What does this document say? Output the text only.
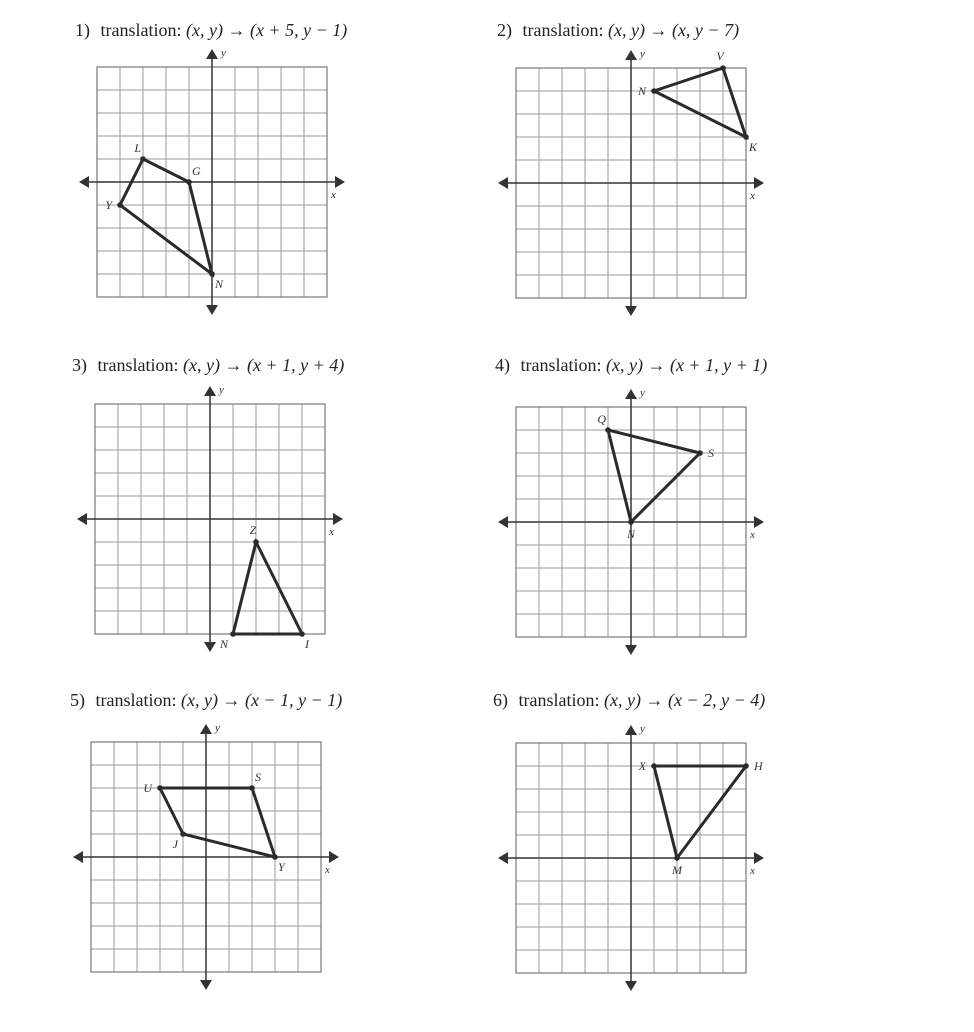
1) translation: (x, y) → (x + 5, y − 1)
x
y
L
G
N
Y
2) translation: (x, y) → (x, y − 7)
x
y	V
K
N
3) translation: (x, y) → (x + 1, y + 4)
x
y
Z
I
N
4) translation: (x, y) → (x + 1, y + 1)
x
y
Q
S
N
5) translation: (x, y) → (x − 1, y − 1)
x
y
U
S
Y
J
6) translation: (x, y) → (x − 2, y − 4)
x
y
X	H
M
